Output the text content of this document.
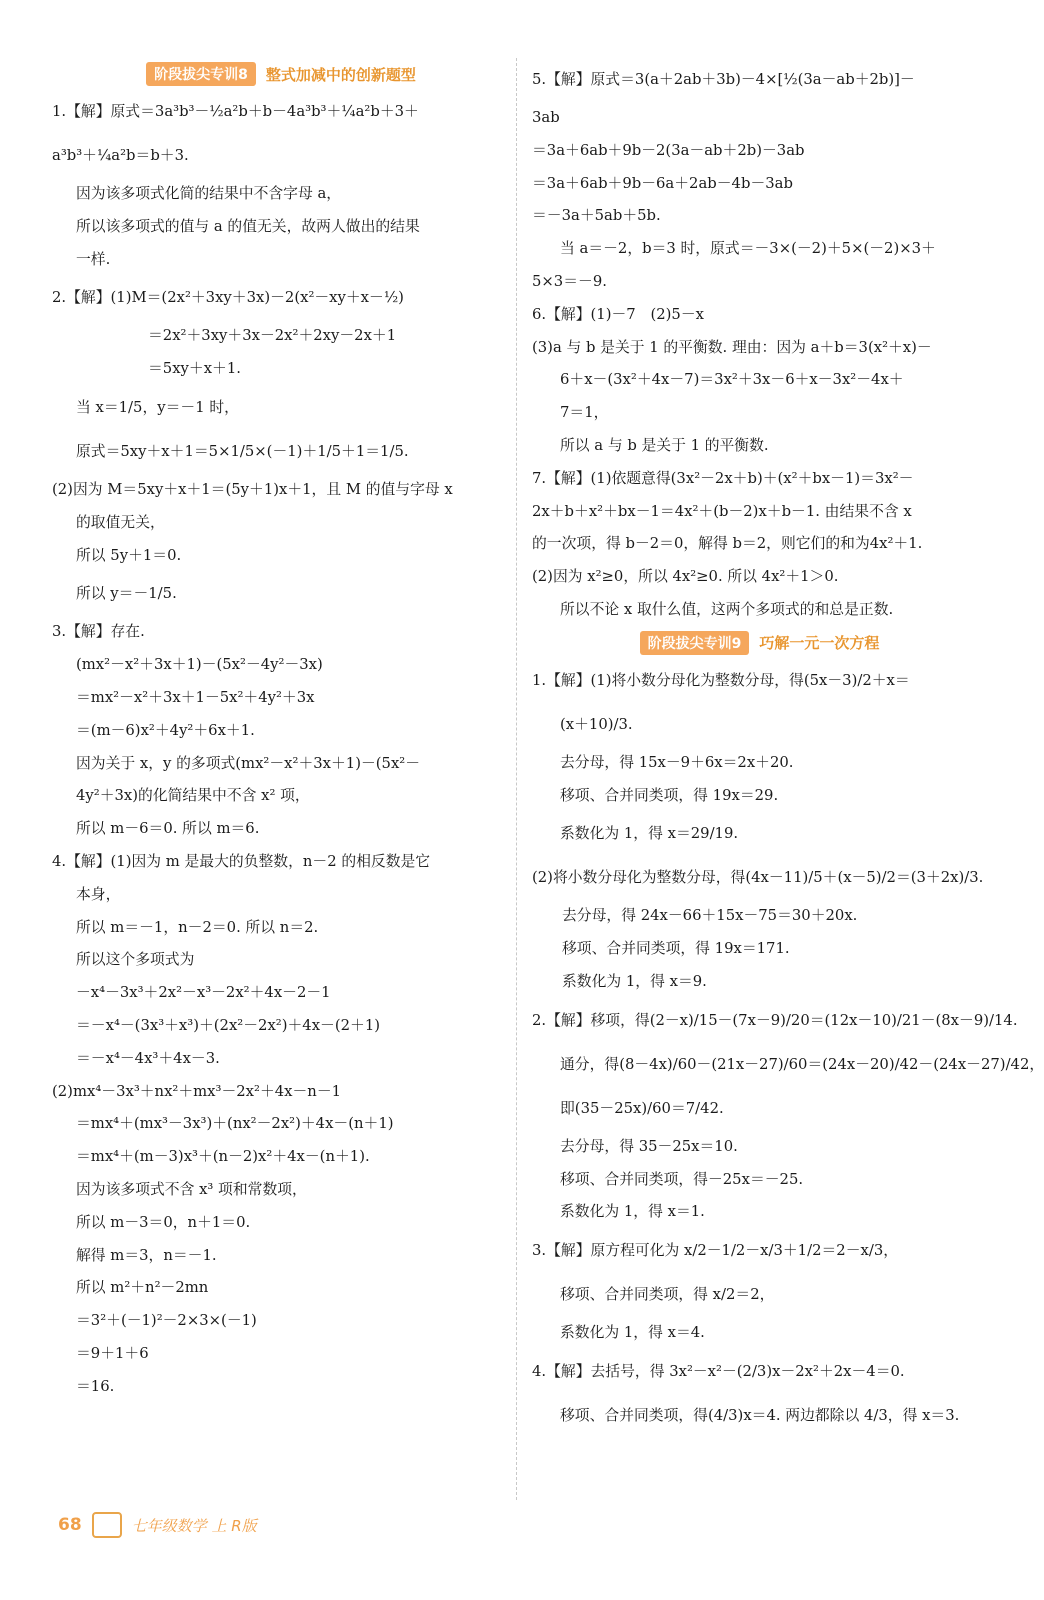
阶段拔尖专训8	整式加减中的创新题型
1.【解】原式＝3a³b³－½a²b＋b－4a³b³＋¼a²b＋3＋
a³b³＋¼a²b＝b＋3.
因为该多项式化简的结果中不含字母 a，
所以该多项式的值与 a 的值无关，故两人做出的结果
一样.
2.【解】(1)M＝(2x²＋3xy＋3x)－2(x²－xy＋x－½)
＝2x²＋3xy＋3x－2x²＋2xy－2x＋1
＝5xy＋x＋1.
当 x＝1/5，y＝－1 时，
原式＝5xy＋x＋1＝5×1/5×(－1)＋1/5＋1＝1/5.
(2)因为 M＝5xy＋x＋1＝(5y＋1)x＋1，且 M 的值与字母 x
的取值无关，
所以 5y＋1＝0.
所以 y＝－1/5.
3.【解】存在.
(mx²－x²＋3x＋1)－(5x²－4y²－3x)
＝mx²－x²＋3x＋1－5x²＋4y²＋3x
＝(m－6)x²＋4y²＋6x＋1.
因为关于 x，y 的多项式(mx²－x²＋3x＋1)－(5x²－
4y²＋3x)的化简结果中不含 x² 项，
所以 m－6＝0. 所以 m＝6.
4.【解】(1)因为 m 是最大的负整数，n－2 的相反数是它
本身，
所以 m＝－1，n－2＝0. 所以 n＝2.
所以这个多项式为
－x⁴－3x³＋2x²－x³－2x²＋4x－2－1
＝－x⁴－(3x³＋x³)＋(2x²－2x²)＋4x－(2＋1)
＝－x⁴－4x³＋4x－3.
(2)mx⁴－3x³＋nx²＋mx³－2x²＋4x－n－1
＝mx⁴＋(mx³－3x³)＋(nx²－2x²)＋4x－(n＋1)
＝mx⁴＋(m－3)x³＋(n－2)x²＋4x－(n＋1).
因为该多项式不含 x³ 项和常数项，
所以 m－3＝0，n＋1＝0.
解得 m＝3，n＝－1.
所以 m²＋n²－2mn
＝3²＋(－1)²－2×3×(－1)
＝9＋1＋6
＝16.
5.【解】原式＝3(a＋2ab＋3b)－4×[½(3a－ab＋2b)]－
3ab
＝3a＋6ab＋9b－2(3a－ab＋2b)－3ab
＝3a＋6ab＋9b－6a＋2ab－4b－3ab
＝－3a＋5ab＋5b.
当 a＝－2，b＝3 时，原式＝－3×(－2)＋5×(－2)×3＋
5×3＝－9.
6.【解】(1)－7　(2)5－x
(3)a 与 b 是关于 1 的平衡数. 理由：因为 a＋b＝3(x²＋x)－
6＋x－(3x²＋4x－7)＝3x²＋3x－6＋x－3x²－4x＋
7＝1，
所以 a 与 b 是关于 1 的平衡数.
7.【解】(1)依题意得(3x²－2x＋b)＋(x²＋bx－1)＝3x²－
2x＋b＋x²＋bx－1＝4x²＋(b－2)x＋b－1. 由结果不含 x
的一次项，得 b－2＝0，解得 b＝2，则它们的和为4x²＋1.
(2)因为 x²≥0，所以 4x²≥0. 所以 4x²＋1＞0.
所以不论 x 取什么值，这两个多项式的和总是正数.
阶段拔尖专训9	巧解一元一次方程
1.【解】(1)将小数分母化为整数分母，得(5x－3)/2＋x＝
(x＋10)/3.
去分母，得 15x－9＋6x＝2x＋20.
移项、合并同类项，得 19x＝29.
系数化为 1，得 x＝29/19.
(2)将小数分母化为整数分母，得(4x－11)/5＋(x－5)/2＝(3＋2x)/3.
去分母，得 24x－66＋15x－75＝30＋20x.
移项、合并同类项，得 19x＝171.
系数化为 1，得 x＝9.
2.【解】移项，得(2－x)/15－(7x－9)/20＝(12x－10)/21－(8x－9)/14.
通分，得(8－4x)/60－(21x－27)/60＝(24x－20)/42－(24x－27)/42，
即(35－25x)/60＝7/42.
去分母，得 35－25x＝10.
移项、合并同类项，得－25x＝－25.
系数化为 1，得 x＝1.
3.【解】原方程可化为 x/2－1/2－x/3＋1/2＝2－x/3，
移项、合并同类项，得 x/2＝2，
系数化为 1，得 x＝4.
4.【解】去括号，得 3x²－x²－(2/3)x－2x²＋2x－4＝0.
移项、合并同类项，得(4/3)x＝4. 两边都除以 4/3，得 x＝3.
68	七年级数学 上 R版
